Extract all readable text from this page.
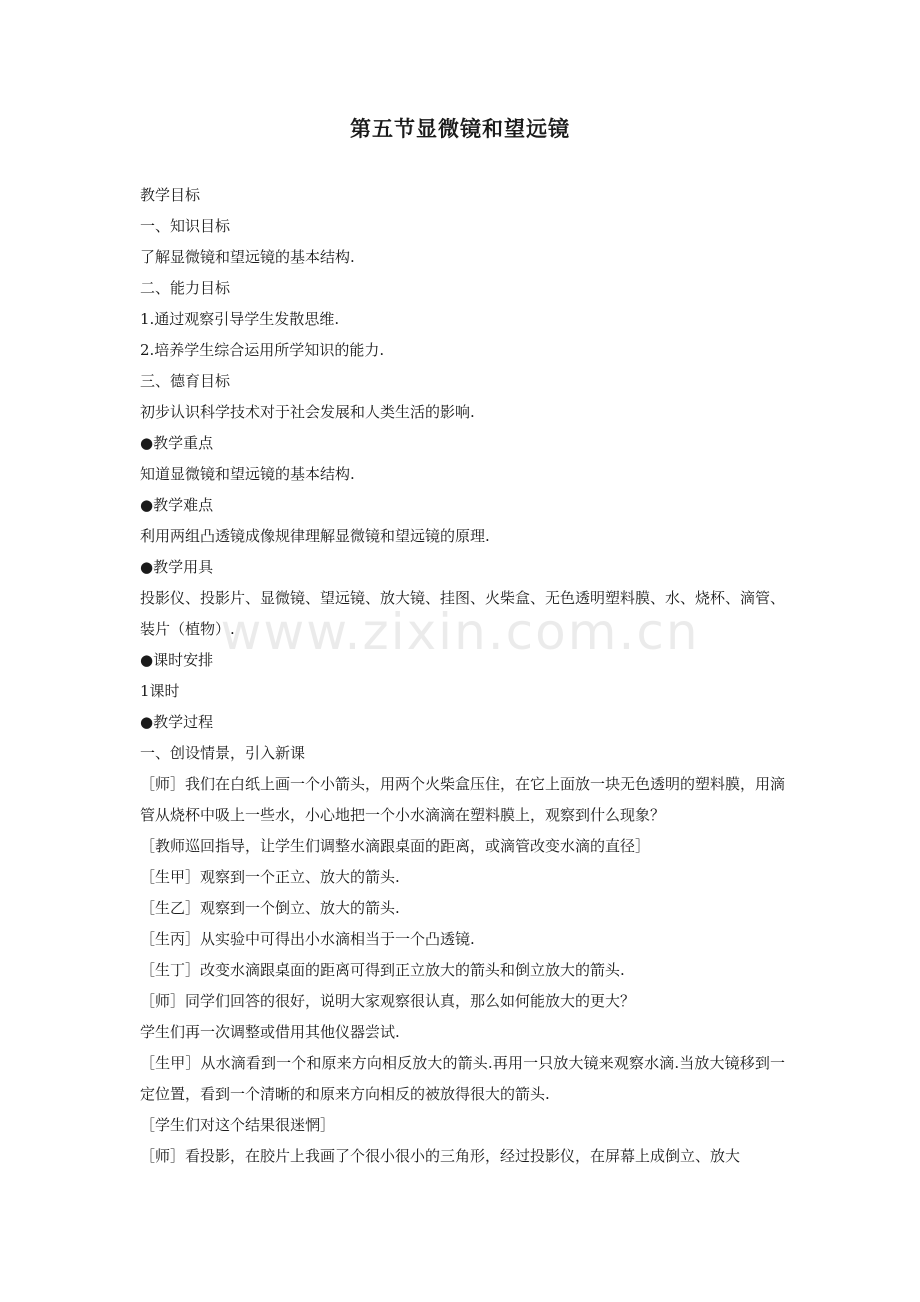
第五节显微镜和望远镜
教学目标
一、知识目标
了解显微镜和望远镜的基本结构.
二、能力目标
1.通过观察引导学生发散思维.
2.培养学生综合运用所学知识的能力.
三、德育目标
初步认识科学技术对于社会发展和人类生活的影响.
●教学重点
知道显微镜和望远镜的基本结构.
●教学难点
利用两组凸透镜成像规律理解显微镜和望远镜的原理.
●教学用具
投影仪、投影片、显微镜、望远镜、放大镜、挂图、火柴盒、无色透明塑料膜、水、烧杯、滴管、装片（植物）.
●课时安排
1课时
●教学过程
一、创设情景，引入新课
［师］我们在白纸上画一个小箭头，用两个火柴盒压住，在它上面放一块无色透明的塑料膜，用滴管从烧杯中吸上一些水，小心地把一个小水滴滴在塑料膜上，观察到什么现象？
［教师巡回指导，让学生们调整水滴跟桌面的距离，或滴管改变水滴的直径］
［生甲］观察到一个正立、放大的箭头.
［生乙］观察到一个倒立、放大的箭头.
［生丙］从实验中可得出小水滴相当于一个凸透镜.
［生丁］改变水滴跟桌面的距离可得到正立放大的箭头和倒立放大的箭头.
［师］同学们回答的很好，说明大家观察很认真，那么如何能放大的更大？
学生们再一次调整或借用其他仪器尝试.
［生甲］从水滴看到一个和原来方向相反放大的箭头.再用一只放大镜来观察水滴.当放大镜移到一定位置，看到一个清晰的和原来方向相反的被放得很大的箭头.
［学生们对这个结果很迷惘］
［师］看投影，在胶片上我画了个很小很小的三角形，经过投影仪，在屏幕上成倒立、放大
www.zixin.com.cn
